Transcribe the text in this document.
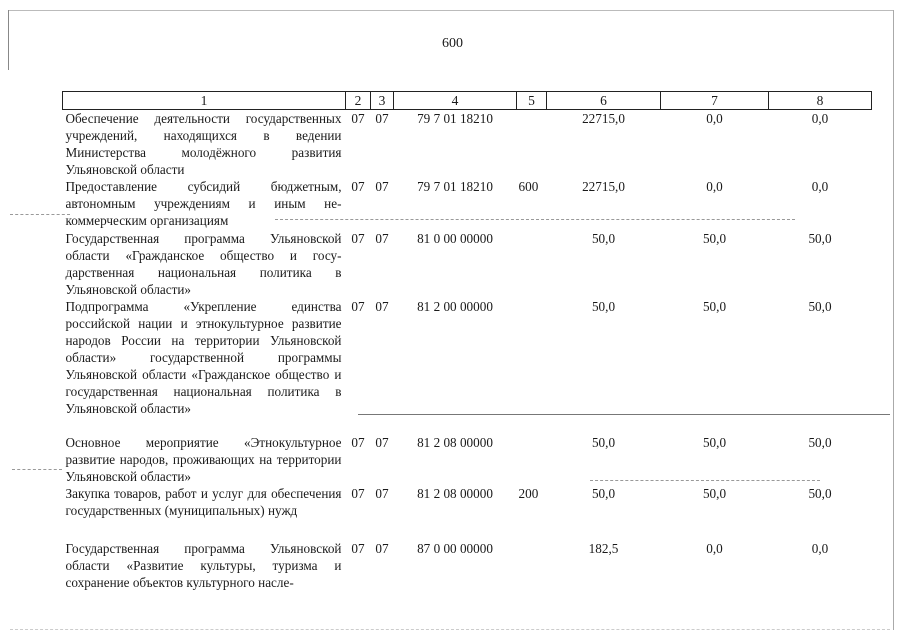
600
1	2	3	4	5	6	7	8
Обеспечение деятельности государственных учреждений, находящихся в ведении Министерства молодёжного развития Ульяновской области	07	07	79 7 01 18210		22715,0	0,0	0,0
Предоставление субсидий бюджетным, автономным учреждениям и иным некоммерческим организациям	07	07	79 7 01 18210	600	22715,0	0,0	0,0
Государственная программа Ульяновской области «Гражданское общество и государственная национальная политика в Ульяновской области»	07	07	81 0 00 00000		50,0	50,0	50,0
Подпрограмма «Укрепление единства российской нации и этнокультурное развитие народов России на территории Ульяновской области» государственной программы Ульяновской области «Гражданское общество и государственная национальная политика в Ульяновской области»	07	07	81 2 00 00000		50,0	50,0	50,0
Основное мероприятие «Этнокультурное развитие народов, проживающих на территории Ульяновской области»	07	07	81 2 08 00000		50,0	50,0	50,0
Закупка товаров, работ и услуг для обеспечения государственных (муниципальных) нужд	07	07	81 2 08 00000	200	50,0	50,0	50,0
Государственная программа Ульяновской области «Развитие культуры, туризма и сохранение объектов культурного насле-	07	07	87 0 00 00000		182,5	0,0	0,0
